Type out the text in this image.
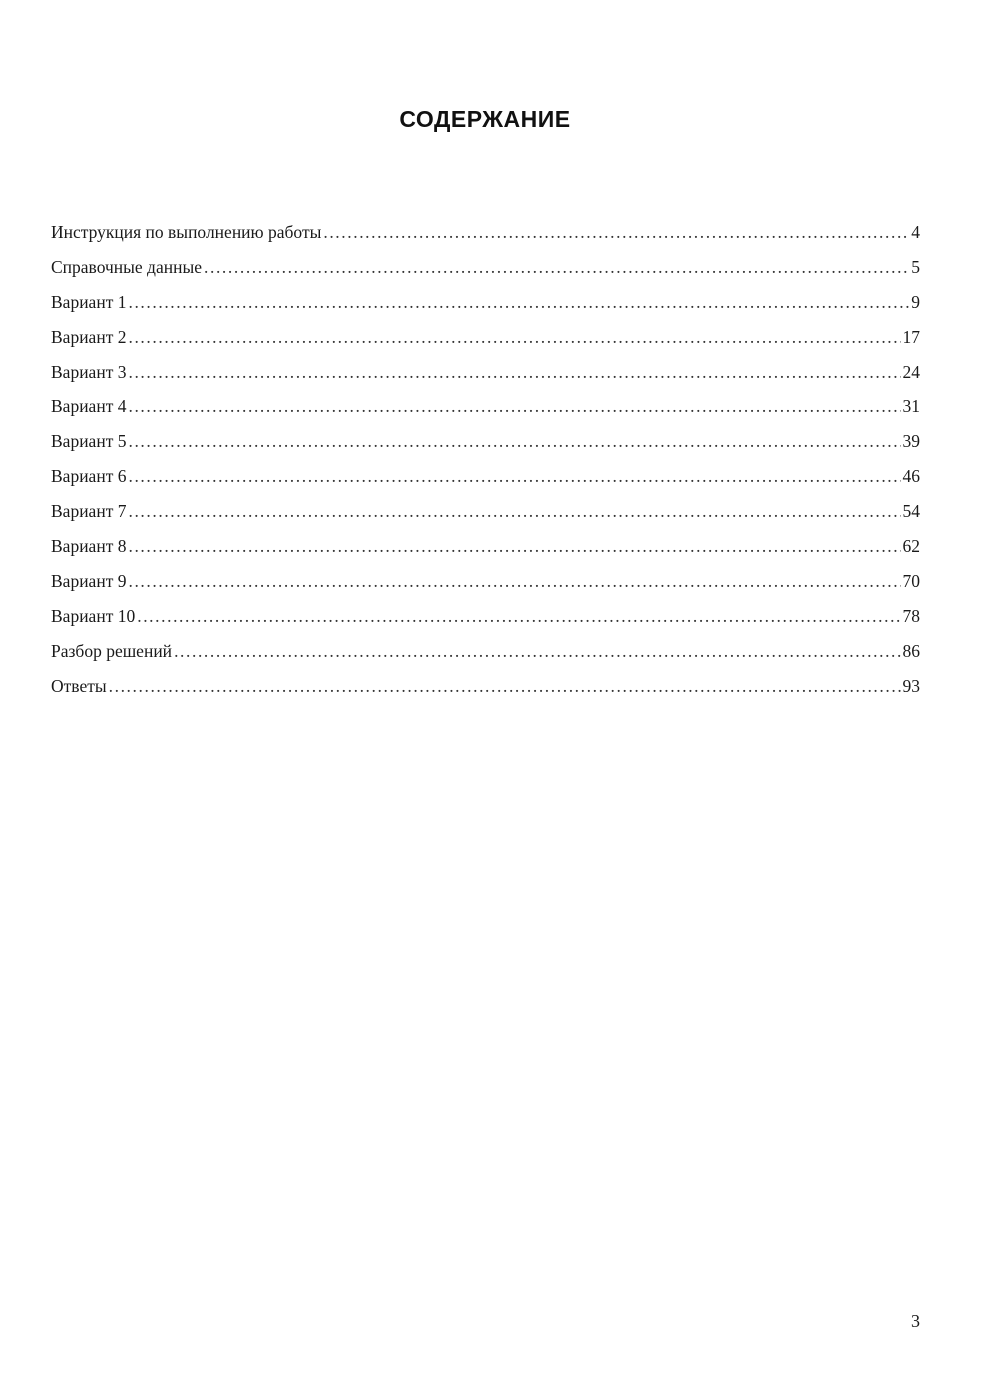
СОДЕРЖАНИЕ
Инструкция по выполнению работы .....	4
Справочные данные .....	5
Вариант 1 .....	9
Вариант 2 .....	17
Вариант 3 .....	24
Вариант 4 .....	31
Вариант 5 .....	39
Вариант 6 .....	46
Вариант 7 .....	54
Вариант 8 .....	62
Вариант 9 .....	70
Вариант 10 .....	78
Разбор решений .....	86
Ответы .....	93
3
